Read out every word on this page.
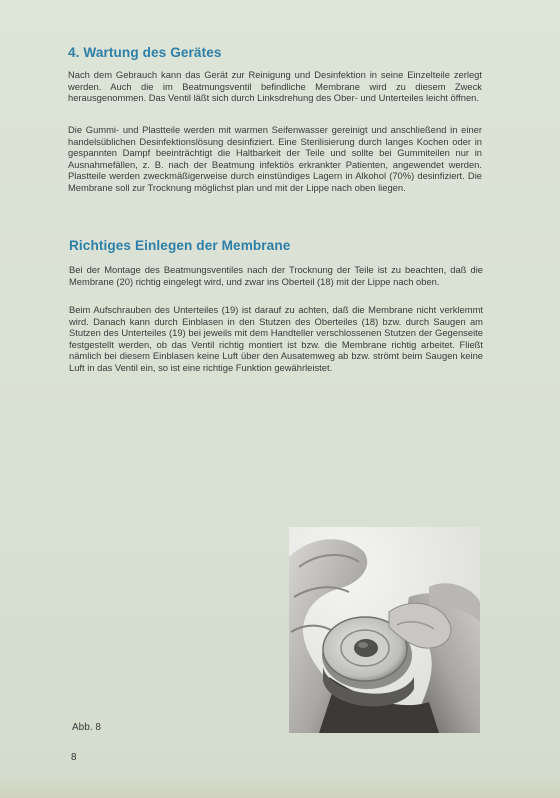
4. Wartung des Gerätes

Nach dem Gebrauch kann das Gerät zur Reinigung und Desinfektion in seine Einzelteile zerlegt werden. Auch die im Beatmungsventil befindliche Membrane wird zu diesem Zweck herausgenommen. Das Ventil läßt sich durch Linksdrehung des Ober- und Unterteiles leicht öffnen.

Die Gummi- und Plastteile werden mit warmen Seifenwasser gereinigt und anschließend in einer handelsüblichen Desinfektionslösung desinfiziert. Eine Sterilisierung durch langes Kochen oder in gespannten Dampf beeinträchtigt die Haltbarkeit der Teile und sollte bei Gummiteilen nur in Ausnahmefällen, z. B. nach der Beatmung infektiös erkrankter Patienten, angewendet werden. Plastteile werden zweckmäßigerweise durch einstündiges Lagern in Alkohol (70%) desinfiziert. Die Membrane soll zur Trocknung möglichst plan und mit der Lippe nach oben liegen.

Richtiges Einlegen der Membrane

Bei der Montage des Beatmungsventiles nach der Trocknung der Teile ist zu beachten, daß die Membrane (20) richtig eingelegt wird, und zwar ins Oberteil (18) mit der Lippe nach oben.

Beim Aufschrauben des Unterteiles (19) ist darauf zu achten, daß die Membrane nicht verklemmt wird. Danach kann durch Einblasen in den Stutzen des Oberteiles (18) bzw. durch Saugen am Stutzen des Unterteiles (19) bei jeweils mit dem Handteller verschlossenen Stutzen der Gegenseite festgestellt werden, ob das Ventil richtig montiert ist bzw. die Membrane richtig arbeitet. Fließt nämlich bei diesem Einblasen keine Luft über den Ausatemweg ab bzw. strömt beim Saugen keine Luft in das Ventil ein, so ist eine richtige Funktion gewährleistet.

Abb. 8
8
